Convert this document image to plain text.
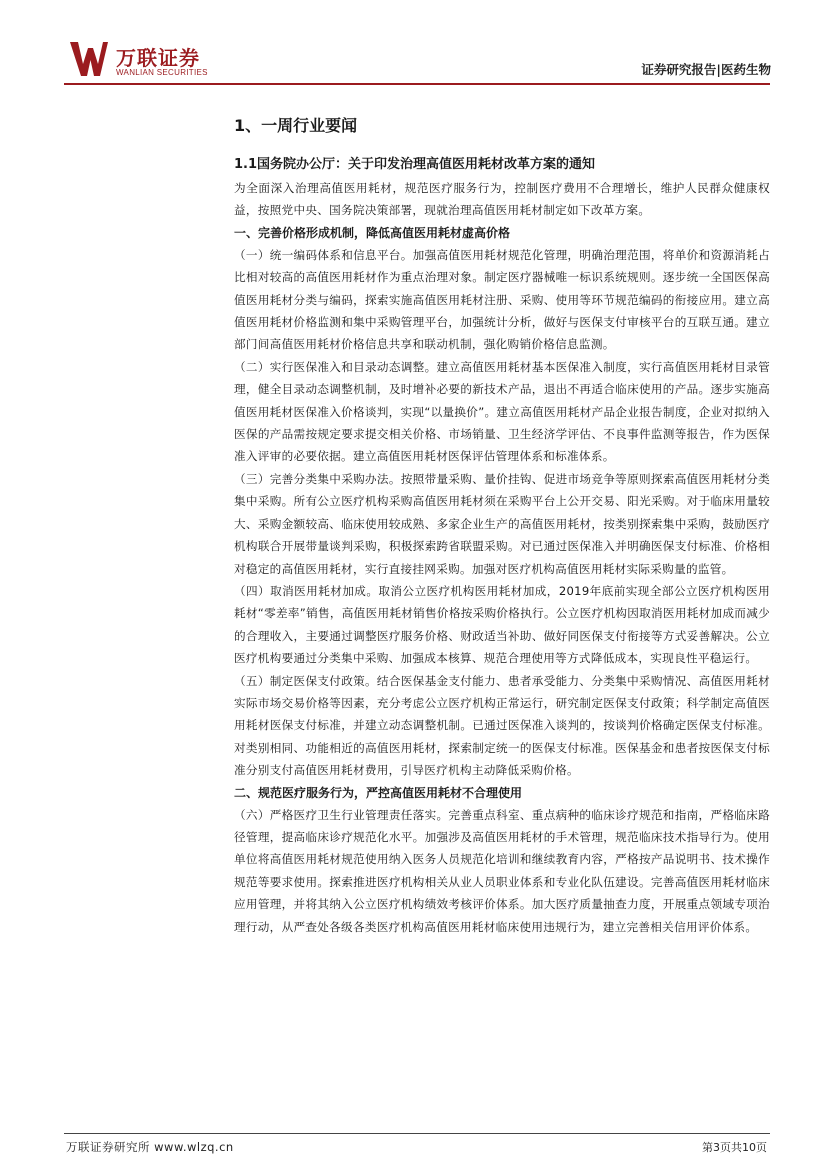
万联证券
WANLIAN SECURITIES	证券研究报告|医药生物
1、一周行业要闻
1.1国务院办公厅：关于印发治理高值医用耗材改革方案的通知

为全面深入治理高值医用耗材，规范医疗服务行为，控制医疗费用不合理增长，维护人民群众健康权益，按照党中央、国务院决策部署，现就治理高值医用耗材制定如下改革方案。

一、完善价格形成机制，降低高值医用耗材虚高价格

（一）统一编码体系和信息平台。加强高值医用耗材规范化管理，明确治理范围，将单价和资源消耗占比相对较高的高值医用耗材作为重点治理对象。制定医疗器械唯一标识系统规则。逐步统一全国医保高值医用耗材分类与编码，探索实施高值医用耗材注册、采购、使用等环节规范编码的衔接应用。建立高值医用耗材价格监测和集中采购管理平台，加强统计分析，做好与医保支付审核平台的互联互通。建立部门间高值医用耗材价格信息共享和联动机制，强化购销价格信息监测。

（二）实行医保准入和目录动态调整。建立高值医用耗材基本医保准入制度，实行高值医用耗材目录管理，健全目录动态调整机制，及时增补必要的新技术产品，退出不再适合临床使用的产品。逐步实施高值医用耗材医保准入价格谈判，实现“以量换价”。建立高值医用耗材产品企业报告制度，企业对拟纳入医保的产品需按规定要求提交相关价格、市场销量、卫生经济学评估、不良事件监测等报告，作为医保准入评审的必要依据。建立高值医用耗材医保评估管理体系和标准体系。

（三）完善分类集中采购办法。按照带量采购、量价挂钩、促进市场竞争等原则探索高值医用耗材分类集中采购。所有公立医疗机构采购高值医用耗材须在采购平台上公开交易、阳光采购。对于临床用量较大、采购金额较高、临床使用较成熟、多家企业生产的高值医用耗材，按类别探索集中采购，鼓励医疗机构联合开展带量谈判采购，积极探索跨省联盟采购。对已通过医保准入并明确医保支付标准、价格相对稳定的高值医用耗材，实行直接挂网采购。加强对医疗机构高值医用耗材实际采购量的监管。

（四）取消医用耗材加成。取消公立医疗机构医用耗材加成，2019年底前实现全部公立医疗机构医用耗材“零差率”销售，高值医用耗材销售价格按采购价格执行。公立医疗机构因取消医用耗材加成而减少的合理收入，主要通过调整医疗服务价格、财政适当补助、做好同医保支付衔接等方式妥善解决。公立医疗机构要通过分类集中采购、加强成本核算、规范合理使用等方式降低成本，实现良性平稳运行。

（五）制定医保支付政策。结合医保基金支付能力、患者承受能力、分类集中采购情况、高值医用耗材实际市场交易价格等因素，充分考虑公立医疗机构正常运行，研究制定医保支付政策；科学制定高值医用耗材医保支付标准，并建立动态调整机制。已通过医保准入谈判的，按谈判价格确定医保支付标准。对类别相同、功能相近的高值医用耗材，探索制定统一的医保支付标准。医保基金和患者按医保支付标准分别支付高值医用耗材费用，引导医疗机构主动降低采购价格。

二、规范医疗服务行为，严控高值医用耗材不合理使用

（六）严格医疗卫生行业管理责任落实。完善重点科室、重点病种的临床诊疗规范和指南，严格临床路径管理，提高临床诊疗规范化水平。加强涉及高值医用耗材的手术管理，规范临床技术指导行为。使用单位将高值医用耗材规范使用纳入医务人员规范化培训和继续教育内容，严格按产品说明书、技术操作规范等要求使用。探索推进医疗机构相关从业人员职业体系和专业化队伍建设。完善高值医用耗材临床应用管理，并将其纳入公立医疗机构绩效考核评价体系。加大医疗质量抽查力度，开展重点领域专项治理行动，从严查处各级各类医疗机构高值医用耗材临床使用违规行为，建立完善相关信用评价体系。

万联证券研究所 www.wlzq.cn	第3页共10页
